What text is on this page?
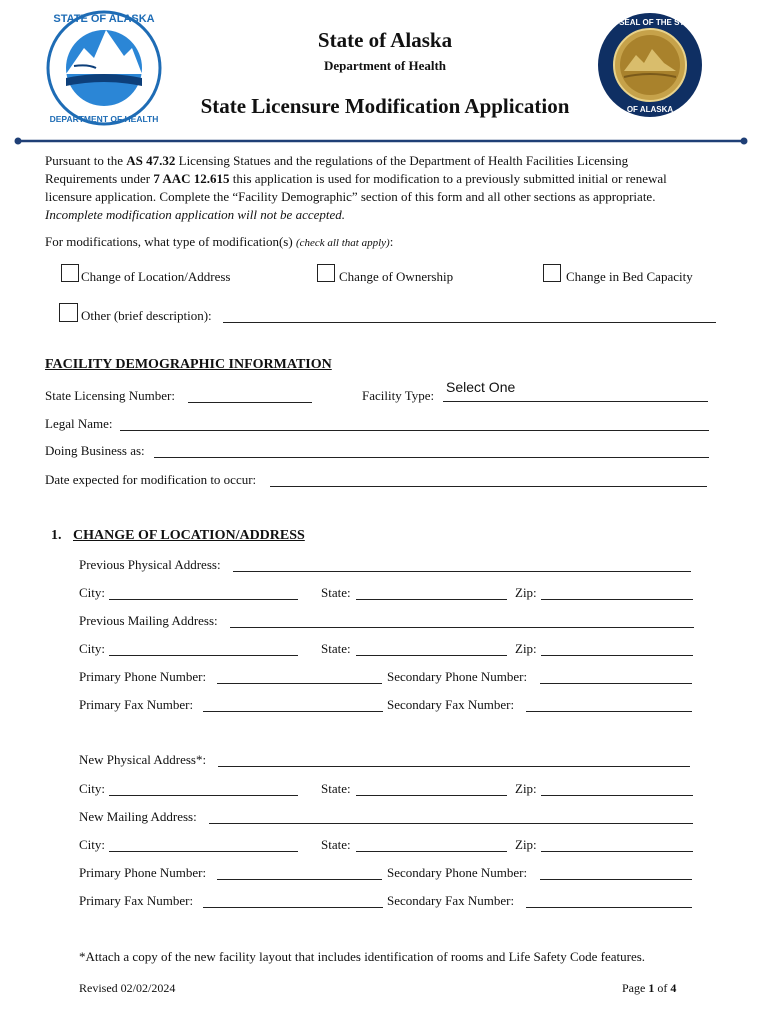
STATE OF ALASKA
DEPARTMENT OF HEALTH
THE SEAL OF THE STATE
OF ALASKA
State of Alaska
Department of Health
State Licensure Modification Application
Pursuant to the AS 47.32 Licensing Statues and the regulations of the Department of Health Facilities Licensing
Requirements under 7 AAC 12.615 this application is used for modification to a previously submitted initial or renewal
licensure application. Complete the “Facility Demographic” section of this form and all other sections as appropriate.
Incomplete modification application will not be accepted.
For modifications, what type of modification(s) (check all that apply):
Change of Location/Address	Change of Ownership	Change in Bed Capacity
Other (brief description):
FACILITY DEMOGRAPHIC INFORMATION
State Licensing Number:	Facility Type:
Select One
Legal Name:
Doing Business as:
Date expected for modification to occur:
1. CHANGE OF LOCATION/ADDRESS
Previous Physical Address:
City:	State:	Zip:
Previous Mailing Address:
City:	State:	Zip:
Primary Phone Number:	Secondary Phone Number:
Primary Fax Number:	Secondary Fax Number:
New Physical Address*:
City:	State:	Zip:
New Mailing Address:
City:	State:	Zip:
Primary Phone Number:	Secondary Phone Number:
Primary Fax Number:	Secondary Fax Number:
*Attach a copy of the new facility layout that includes identification of rooms and Life Safety Code features.
Revised 02/02/2024	Page 1 of 4
